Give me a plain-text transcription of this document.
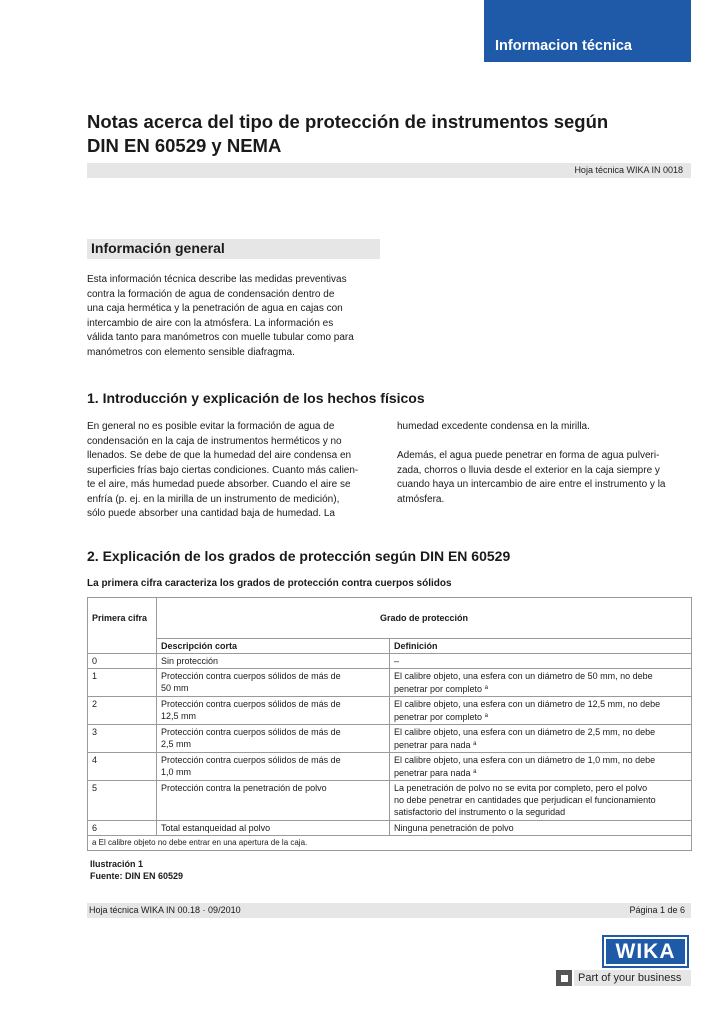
Informacion técnica
Notas acerca del tipo de protección de instrumentos según
DIN EN 60529 y NEMA
Hoja técnica WIKA IN 0018
Información general
Esta información técnica describe las medidas preventivas
contra la formación de agua de condensación dentro de
una caja hermética y la penetración de agua en cajas con
intercambio de aire con la atmósfera. La información es
válida tanto para manómetros con muelle tubular como para
manómetros con elemento sensible diafragma.
1. Introducción y explicación de los hechos físicos
En general no es posible evitar la formación de agua de
condensación en la caja de instrumentos herméticos y no
llenados. Se debe de que la humedad del aire condensa en
superficies frías bajo ciertas condiciones. Cuanto más calien-
te el aire, más humedad puede absorber. Cuando el aire se
enfría (p. ej. en la mirilla de un instrumento de medición),
sólo puede absorber una cantidad baja de humedad. La
humedad excedente condensa en la mirilla.
Además, el agua puede penetrar en forma de agua pulveri-
zada, chorros o lluvia desde el exterior en la caja siempre y
cuando haya un intercambio de aire entre el instrumento y la
atmósfera.
2. Explicación de los grados de protección según DIN EN 60529
La primera cifra caracteriza los grados de protección contra cuerpos sólidos
Primera cifra	Grado de protección	
	Descripción corta	Definición
0	Sin protección	–

1	Protección contra cuerpos sólidos de más de
50 mm	El calibre objeto, una esfera con un diámetro de 50 mm, no debe
penetrar por completo $^a$

2	Protección contra cuerpos sólidos de más de
12,5 mm	El calibre objeto, una esfera con un diámetro de 12,5 mm, no debe
penetrar por completo $^a$

3	Protección contra cuerpos sólidos de más de
2,5 mm	El calibre objeto, una esfera con un diámetro de 2,5 mm, no debe
penetrar para nada $^a$

4	Protección contra cuerpos sólidos de más de
1,0 mm	El calibre objeto, una esfera con un diámetro de 1,0 mm, no debe
penetrar para nada $^a$

5	Protección contra la penetración de polvo	La penetración de polvo no se evita por completo, pero el polvo
no debe penetrar en cantidades que perjudican el funcionamiento
satisfactorio del instrumento o la seguridad

6	Total estanqueidad al polvo	Ninguna penetración de polvo

a El calibre objeto no debe entrar en una apertura de la caja.		
Ilustración 1
Fuente: DIN EN 60529
Hoja técnica WIKA IN 00.18 · 09/2010	Página 1 de 6
WIKA
Part of your business
